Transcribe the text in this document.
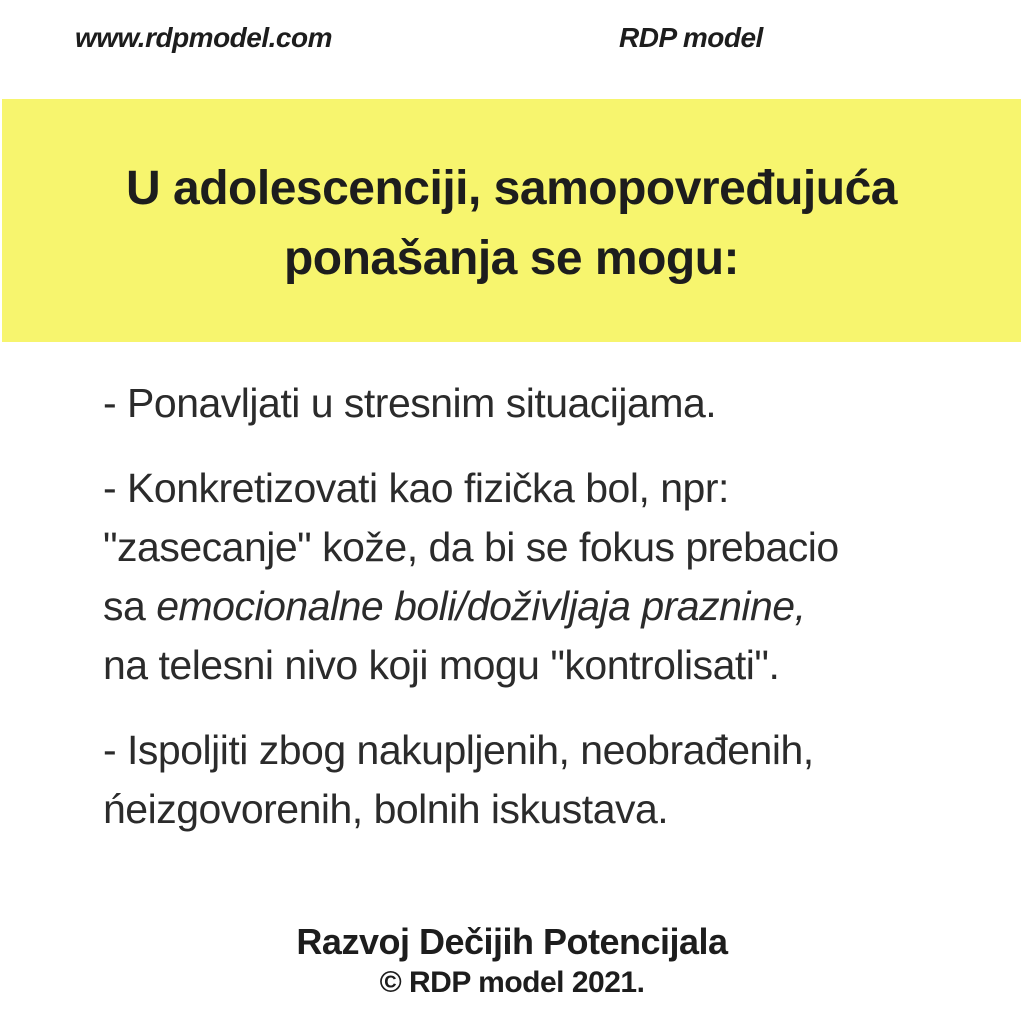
www.rdpmodel.com	RDP model
U adolescenciji, samopovređujuća
ponašanja se mogu:
- Ponavljati u stresnim situacijama.
- Konkretizovati kao fizička bol, npr:
"zasecanje" kože, da bi se fokus prebacio
sa emocionalne boli/doživljaja praznine,
na telesni nivo koji mogu "kontrolisati".
- Ispoljiti zbog nakupljenih, neobrađenih,
ńeizgovorenih, bolnih iskustava.
Razvoj Dečijih Potencijala
© RDP model 2021.
